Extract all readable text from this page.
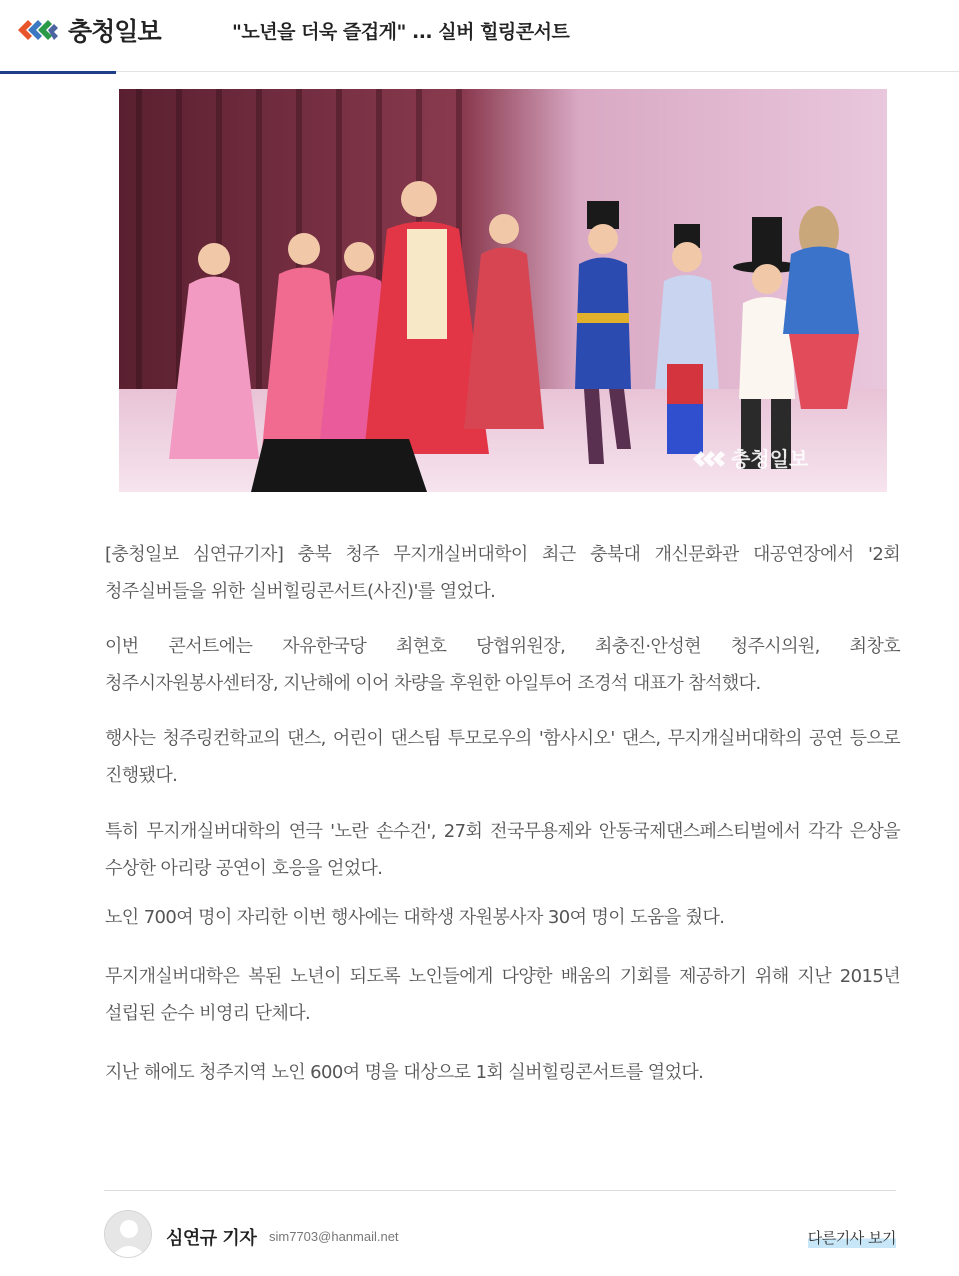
충청일보	"노년을 더욱 즐겁게" ... 실버 힐링콘서트
충청일보

[충청일보 심연규기자] 충북 청주 무지개실버대학이 최근 충북대 개신문화관 대공연장에서 '2회 청주실버들을 위한 실버힐링콘서트(사진)'를 열었다.

이번 콘서트에는 자유한국당 최현호 당협위원장, 최충진·안성현 청주시의원, 최창호 청주시자원봉사센터장, 지난해에 이어 차량을 후원한 아일투어 조경석 대표가 참석했다.

행사는 청주링컨학교의 댄스, 어린이 댄스팀 투모로우의 '함사시오' 댄스, 무지개실버대학의 공연 등으로 진행됐다.

특히 무지개실버대학의 연극 '노란 손수건', 27회 전국무용제와 안동국제댄스페스티벌에서 각각 은상을 수상한 아리랑 공연이 호응을 얻었다.

노인 700여 명이 자리한 이번 행사에는 대학생 자원봉사자 30여 명이 도움을 줬다.

무지개실버대학은 복된 노년이 되도록 노인들에게 다양한 배움의 기회를 제공하기 위해 지난 2015년 설립된 순수 비영리 단체다.

지난 해에도 청주지역 노인 600여 명을 대상으로 1회 실버힐링콘서트를 열었다.

심연규 기자 sim7703@hanmail.net	다른기사 보기
